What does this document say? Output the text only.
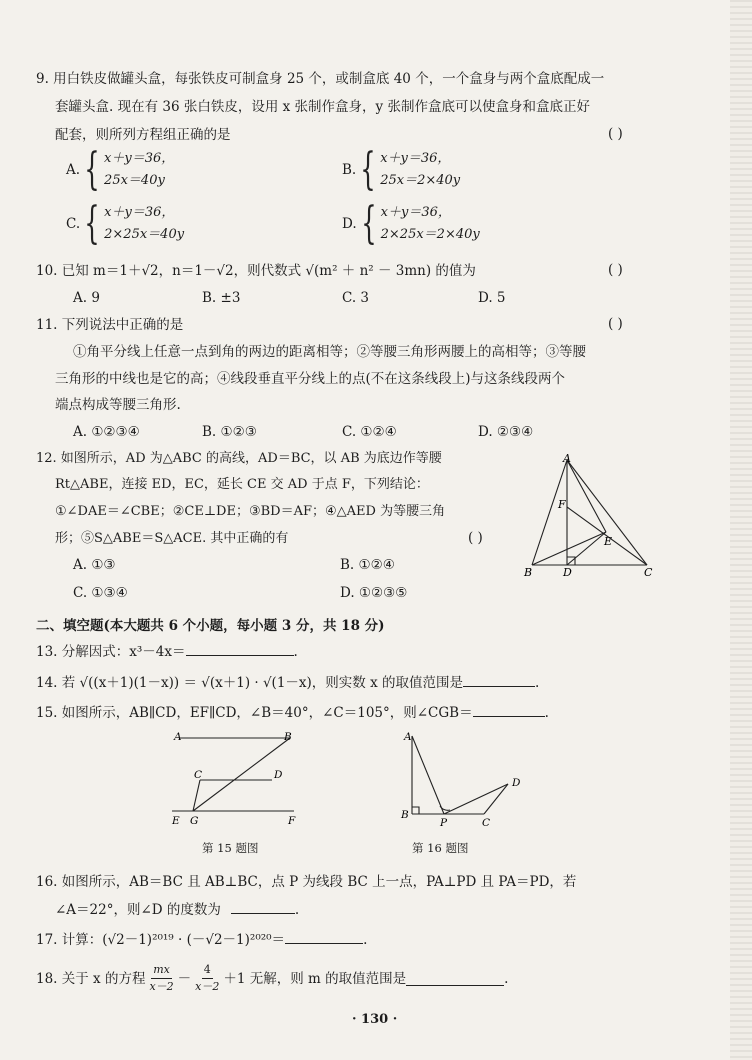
9. 用白铁皮做罐头盒，每张铁皮可制盒身 25 个，或制盒底 40 个，一个盒身与两个盒底配成一
套罐头盒. 现在有 36 张白铁皮，设用 x 张制作盒身，y 张制作盒底可以使盒身和盒底正好
配套，则所列方程组正确的是	( )
A. { x＋y＝36，
25x＝40y
B. { x＋y＝36，
25x＝2×40y
C. { x＋y＝36，
2×25x＝40y
D. { x＋y＝36，
2×25x＝2×40y
10. 已知 m＝1＋√2，n＝1－√2，则代数式 √(m² ＋ n² － 3mn) 的值为	( )
A. 9	B. ±3	C. 3	D. 5
11. 下列说法中正确的是	( )
①角平分线上任意一点到角的两边的距离相等；②等腰三角形两腰上的高相等；③等腰
三角形的中线也是它的高；④线段垂直平分线上的点(不在这条线段上)与这条线段两个
端点构成等腰三角形.
A. ①②③④	B. ①②③	C. ①②④	D. ②③④
12. 如图所示，AD 为△ABC 的高线，AD＝BC，以 AB 为底边作等腰
Rt△ABE，连接 ED，EC，延长 CE 交 AD 于点 F，下列结论：
①∠DAE＝∠CBE；②CE⊥DE；③BD＝AF；④△AED 为等腰三角
形；⑤S△ABE＝S△ACE. 其中正确的有	( )
A. ①③	B. ①②④
C. ①③④	D. ①②③⑤
A
F
E
B	D	C
二、填空题(本大题共 6 个小题，每小题 3 分，共 18 分)
13. 分解因式：x³－4x＝	.
14. 若 √((x＋1)(1－x)) ＝ √(x＋1) · √(1－x)，则实数 x 的取值范围是	.
15. 如图所示，AB∥CD，EF∥CD，∠B＝40°，∠C＝105°，则∠CGB＝	.
A	B
C	D
E G	F
第 15 题图
A
B
P	C
D
第 16 题图
16. 如图所示，AB＝BC 且 AB⊥BC，点 P 为线段 BC 上一点，PA⊥PD 且 PA＝PD，若
∠A＝22°，则∠D 的度数为	.
17. 计算：(√2－1)²⁰¹⁹ · (－√2－1)²⁰²⁰＝	.
18. 关于 x 的方程
mx
x－2 －
4
x－2 ＋1 无解，则 m 的取值范围是	.
· 130 ·
